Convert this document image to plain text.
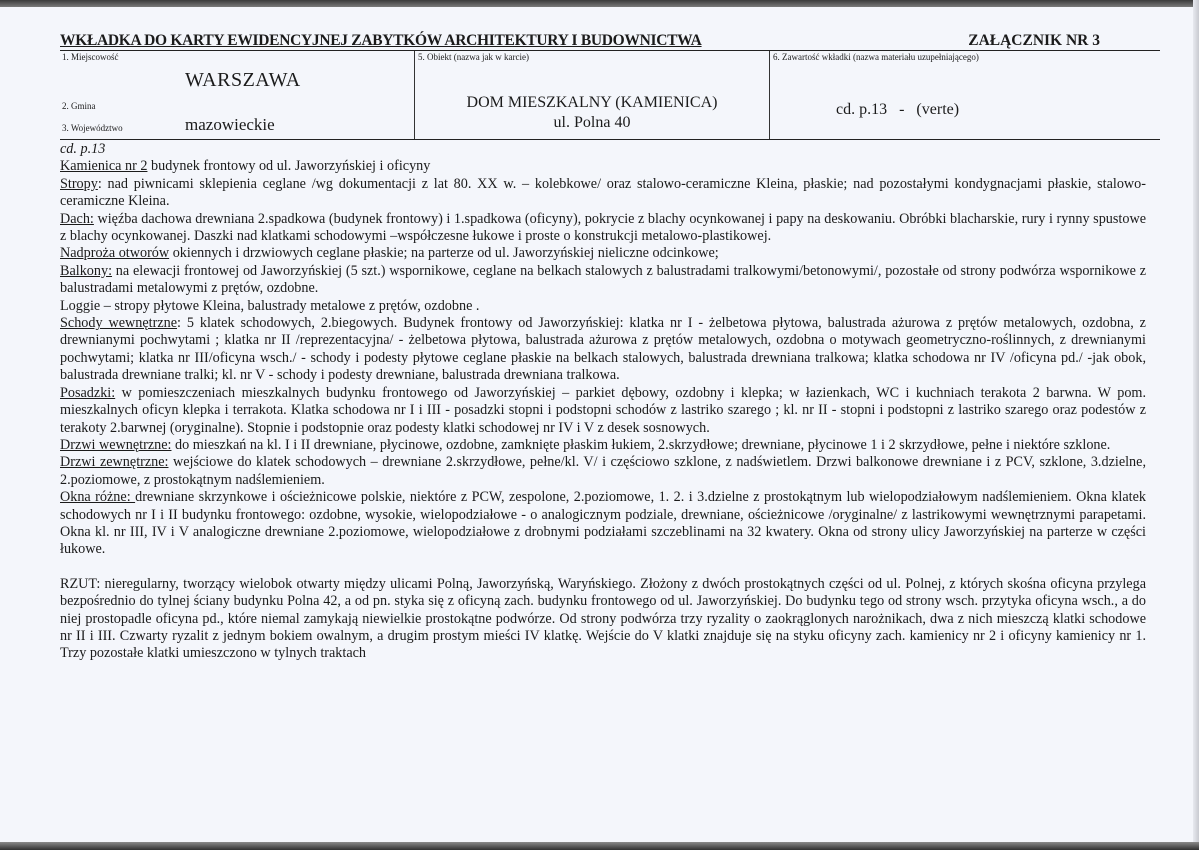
WKŁADKA DO KARTY EWIDENCYJNEJ ZABYTKÓW ARCHITEKTURY I BUDOWNICTWA	ZAŁĄCZNIK NR 3
1. Miejscowość
WARSZAWA
2. Gmina
3. Województwo	mazowieckie
5. Obiekt (nazwa jak w karcie)
DOM MIESZKALNY (KAMIENICA)
ul. Polna 40
6. Zawartość wkładki (nazwa materiału uzupełniającego)
cd. p.13   -   (verte)

cd. p.13

Kamienica nr 2 budynek frontowy od ul. Jaworzyńskiej i oficyny

Stropy: nad piwnicami sklepienia ceglane /wg dokumentacji z lat 80. XX w. – kolebkowe/ oraz stalowo-ceramiczne Kleina, płaskie; nad pozostałymi kondygnacjami płaskie, stalowo-ceramiczne Kleina.

Dach: więźba dachowa drewniana 2.spadkowa (budynek frontowy) i 1.spadkowa (oficyny), pokrycie z blachy ocynkowanej i papy na deskowaniu. Obróbki blacharskie, rury i rynny spustowe z blachy ocynkowanej. Daszki nad klatkami schodowymi –współczesne łukowe i proste o konstrukcji metalowo-plastikowej.

Nadproża otworów okiennych i drzwiowych ceglane płaskie; na parterze od ul. Jaworzyńskiej nieliczne odcinkowe;

Balkony: na elewacji frontowej od Jaworzyńskiej (5 szt.) wspornikowe, ceglane na belkach stalowych z balustradami tralkowymi/betonowymi/, pozostałe od strony podwórza wspornikowe z balustradami metalowymi z prętów, ozdobne.

Loggie – stropy płytowe Kleina, balustrady metalowe z prętów, ozdobne .

Schody wewnętrzne: 5 klatek schodowych, 2.biegowych. Budynek frontowy od Jaworzyńskiej: klatka nr I - żelbetowa płytowa, balustrada ażurowa z prętów metalowych, ozdobna, z drewnianymi pochwytami ; klatka nr II /reprezentacyjna/ - żelbetowa płytowa, balustrada ażurowa z prętów metalowych, ozdobna o motywach geometryczno-roślinnych, z drewnianymi pochwytami; klatka nr III/oficyna wsch./ - schody i podesty płytowe ceglane płaskie na belkach stalowych, balustrada drewniana tralkowa; klatka schodowa nr IV /oficyna pd./ -jak obok, balustrada drewniane tralki; kl. nr V - schody i podesty drewniane, balustrada drewniana tralkowa.

Posadzki: w pomieszczeniach mieszkalnych budynku frontowego od Jaworzyńskiej – parkiet dębowy, ozdobny i klepka; w łazienkach, WC i kuchniach terakota 2 barwna. W pom. mieszkalnych oficyn klepka i terrakota. Klatka schodowa nr I i III - posadzki stopni i podstopni schodów z lastriko szarego ; kl. nr II - stopni i podstopni z lastriko szarego oraz podestów z terakoty 2.barwnej (oryginalne). Stopnie i podstopnie oraz podesty klatki schodowej nr IV i V z desek sosnowych.

Drzwi wewnętrzne: do mieszkań na kl. I i II drewniane, płycinowe, ozdobne, zamknięte płaskim łukiem, 2.skrzydłowe; drewniane, płycinowe 1 i 2 skrzydłowe, pełne i niektóre szklone.

Drzwi zewnętrzne: wejściowe do klatek schodowych – drewniane 2.skrzydłowe, pełne/kl. V/ i częściowo szklone, z nadświetlem. Drzwi balkonowe drewniane i z PCV, szklone, 3.dzielne, 2.poziomowe, z prostokątnym nadślemieniem.

Okna różne: drewniane skrzynkowe i ościeżnicowe polskie, niektóre z PCW, zespolone, 2.poziomowe, 1. 2. i 3.dzielne z prostokątnym lub wielopodziałowym nadślemieniem. Okna klatek schodowych nr I i II budynku frontowego: ozdobne, wysokie, wielopodziałowe - o analogicznym podziale, drewniane, ościeżnicowe /oryginalne/ z lastrikowymi wewnętrznymi parapetami. Okna kl. nr III, IV i V analogiczne drewniane 2.poziomowe, wielopodziałowe z drobnymi podziałami szczeblinami na 32 kwatery. Okna od strony ulicy Jaworzyńskiej na parterze w części łukowe.

RZUT: nieregularny, tworzący wielobok otwarty między ulicami Polną, Jaworzyńską, Waryńskiego. Złożony z dwóch prostokątnych części od ul. Polnej, z których skośna oficyna przylega bezpośrednio do tylnej ściany budynku Polna 42, a od pn. styka się z oficyną zach. budynku frontowego od ul. Jaworzyńskiej. Do budynku tego od strony wsch. przytyka oficyna wsch., a do niej prostopadle oficyna pd., które niemal zamykają niewielkie prostokątne podwórze. Od strony podwórza trzy ryzality o zaokrąglonych narożnikach, dwa z nich mieszczą klatki schodowe nr II i III. Czwarty ryzalit z jednym bokiem owalnym, a drugim prostym mieści IV klatkę. Wejście do V klatki znajduje się na styku oficyny zach. kamienicy nr 2 i oficyny kamienicy nr 1. Trzy pozostałe klatki umieszczono w tylnych traktach
